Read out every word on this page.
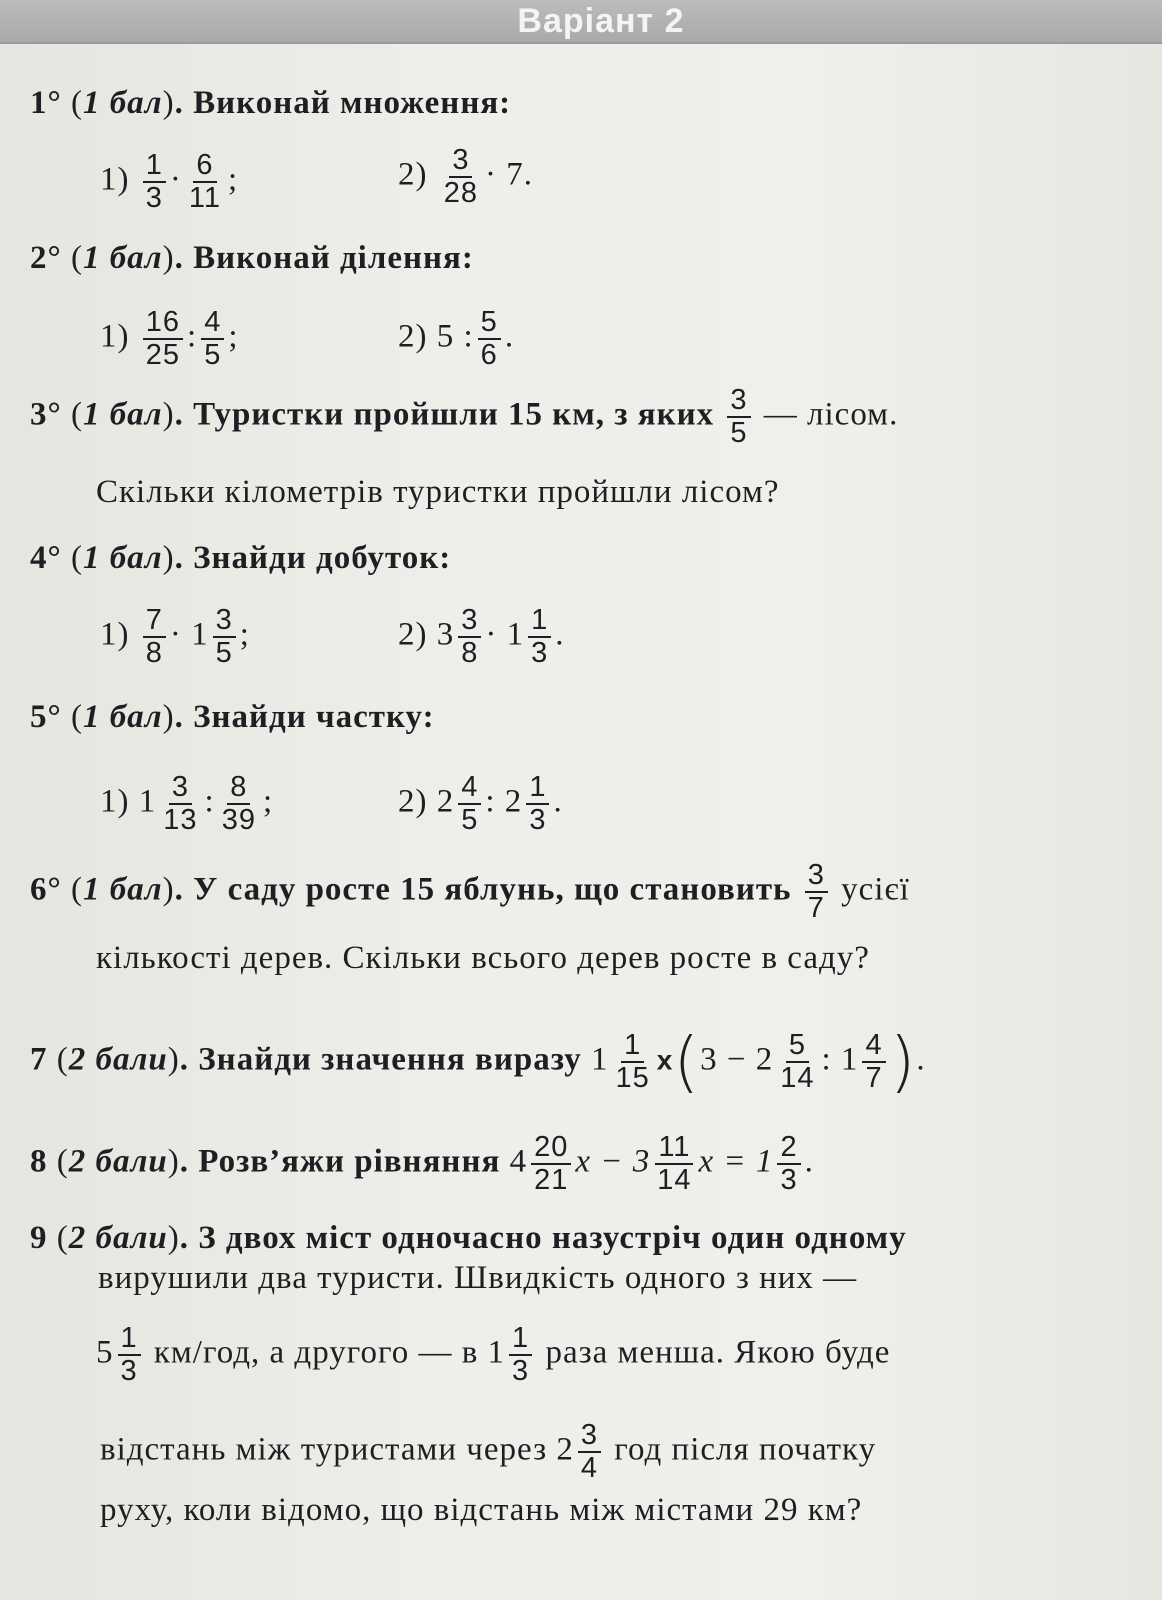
Варіант 2
1° (1 бал). Виконай множення:
$1) \frac{1}{3} \cdot \frac{6}{11}$ ;	$2) \frac{3}{28} \cdot 7$.
2° (1 бал). Виконай ділення:
$1) \frac{16}{25}$ : $\frac{4}{5}$ ;	2) 5 : $\frac{5}{6}$ .
3° (1 бал). Туристки пройшли 15 км, з яких $\frac{3}{5}$ — лісом.
Скільки кілометрів туристки пройшли лісом?
4° (1 бал). Знайди добуток:
$1) \frac{7}{8} \cdot 1 \frac{3}{5}$ ;	2) $3 \frac{3}{8} \cdot 1 \frac{1}{3}$ .
5° (1 бал). Знайди частку:
1) $1 \frac{3}{13}$ : $\frac{8}{39}$ ;	2) $2 \frac{4}{5}$ : $2 \frac{1}{3}$ .
6° (1 бал). У саду росте 15 яблунь, що становить $\frac{3}{7}$ усієї
кількості дерев. Скільки всього дерев росте в саду?
7 (2 бали). Знайди значення виразу $1 \frac{1}{15} x(3 - 2 \frac{5}{14}$ : $1 \frac{4}{7}$ ).
8 (2 бали). Розв’яжи рівняння $4 \frac{20}{21}$ $x - 3 \frac{11}{14}$ $x = 1 \frac{2}{3}$ .
9 (2 бали). З двох міст одночасно назустріч один одному
вирушили два туристи. Швидкість одного з них —
$5 \frac{1}{3} км/год$, а другого — в $1 \frac{1}{3}$ раза менша. Якою буде
відстань між туристами через $2 \frac{3}{4}$ год після початку
руху, коли відомо, що відстань між містами 29 км?
